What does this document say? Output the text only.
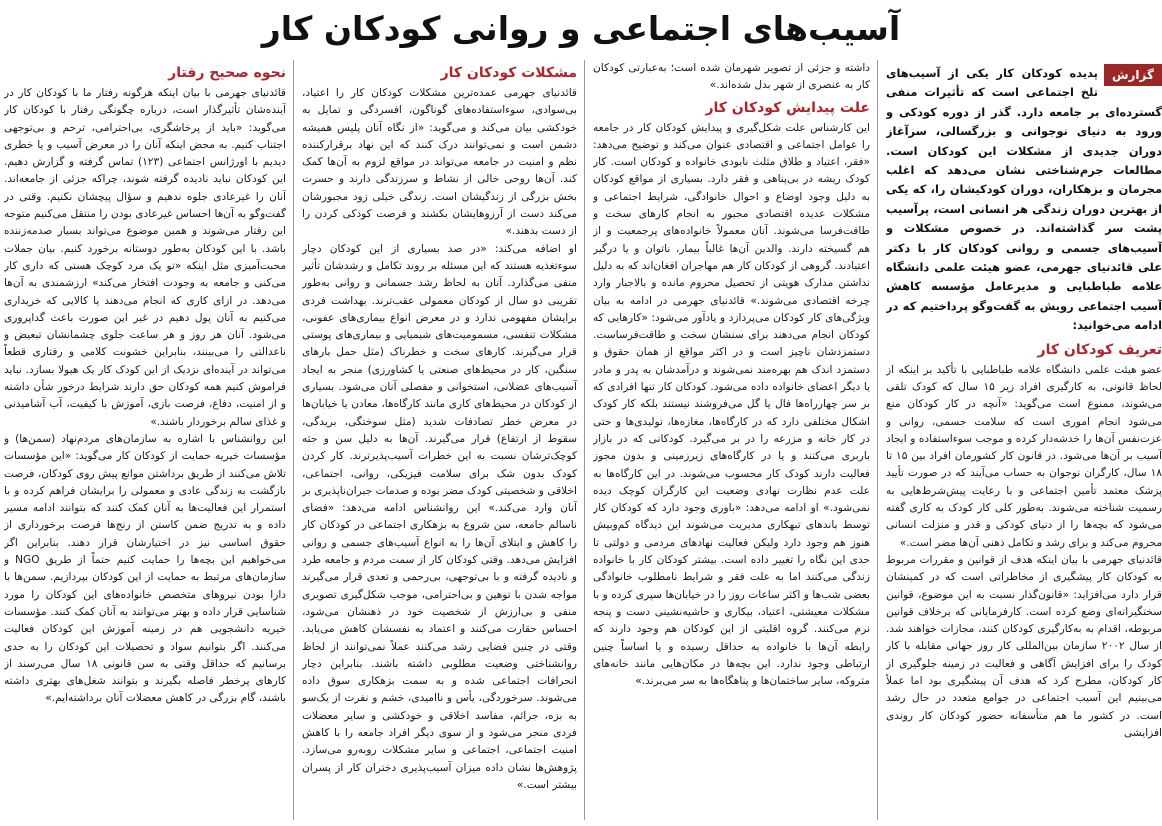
آسیب‌های اجتماعی و روانی کودکان کار
گزارش
پدیده کودکان کار یکی از آسیب‌های تلخ اجتماعی است که تأثیرات منفی گسترده‌ای بر جامعه دارد. گذر از دوره کودکی و ورود به دنیای نوجوانی و بزرگسالی، سرآغاز دوران جدیدی از مشکلات این کودکان است. مطالعات جرم‌شناختی نشان می‌دهد که اغلب مجرمان و بزهکاران، دوران کودکیشان را، که یکی از بهترین دوران زندگی هر انسانی است، پرآسیب پشت سر گذاشته‌اند. در خصوص مشکلات و آسیب‌های جسمی و روانی کودکان کار با دکتر علی قائدنیای جهرمی، عضو هیئت علمی دانشگاه علامه طباطبایی و مدیرعامل مؤسسه کاهش آسیب اجتماعی رویش به گفت‌وگو پرداختیم که در ادامه می‌خوانید:
تعریف کودکان کار

عضو هیئت علمی دانشگاه علامه طباطبایی با تأکید بر اینکه از لحاظ قانونی، به کارگیری افراد زیر ۱۵ سال که کودک تلقی می‌شوند، ممنوع است می‌گوید: «آنچه در کار کودکان منع می‌شود انجام اموری است که سلامت جسمی، روانی و عزت‌نفس آن‌ها را خدشه‌دار کرده و موجب سوءاستفاده و ایجاد آسیب بر آن‌ها می‌شود. در قانون کار کشورمان افراد بین ۱۵ تا ۱۸ سال، کارگران نوجوان به حساب می‌آیند که در صورت تأیید پزشک معتمد تأمین اجتماعی و با رعایت پیش‌شرط‌هایی به رسمیت شناخته می‌شوند. به‌طور کلی کار کودک به کاری گفته می‌شود که بچه‌ها را از دنیای کودکی و قدر و منزلت انسانی محروم می‌کند و برای رشد و تکامل ذهنی آن‌ها مضر است.»

قائدنیای جهرمی با بیان اینکه هدف از قوانین و مقررات مربوط به کودکان کار پیشگیری از مخاطراتی است که در کمینشان قرار دارد می‌افزاید: «قانون‌گذار نسبت به این موضوع، قوانین سختگیرانه‌ای وضع کرده است. کارفرمایانی که برخلاف قوانین مربوطه، اقدام به به‌کارگیری کودکان کنند، مجازات خواهند شد. از سال ۲۰۰۲ سازمان بین‌المللی کار روز جهانی مقابله با کار کودک را برای افزایش آگاهی و فعالیت در زمینه جلوگیری از کار کودکان، مطرح کرد که هدف آن پیشگیری بود اما عملاً می‌بینیم این آسیب اجتماعی در جوامع متعدد در حال رشد است. در کشور ما هم متأسفانه حضور کودکان کار روندی افزایشی

داشته و جزئی از تصویر شهرمان شده است؛ به‌عبارتی کودکان کار به عنصری از شهر بدل شده‌اند.»

علت پیدایش کودکان کار

این کارشناس علت شکل‌گیری و پیدایش کودکان کار در جامعه را عوامل اجتماعی و اقتصادی عنوان می‌کند و توضیح می‌دهد: «فقر، اعتیاد و طلاق مثلث نابودی خانواده و کودکان است. کار کودک ریشه در بی‌پناهی و فقر دارد. بسیاری از مواقع کودکان به دلیل وجود اوضاع و احوال خانوادگی، شرایط اجتماعی و مشکلات عدیده اقتصادی مجبور به انجام کارهای سخت و طاقت‌فرسا می‌شوند. آنان معمولاً خانواده‌های پرجمعیت و از هم گسیخته دارند. والدین آن‌ها غالباً بیمار، ناتوان و یا درگیر اعتیادند. گروهی از کودکان کار هم مهاجران افغان‌اند که به دلیل نداشتن مدارک هویتی از تحصیل محروم مانده و بالاجبار وارد چرخه اقتصادی می‌شوند.» قائدنیای جهرمی در ادامه به بیان ویژگی‌های کار کودکان می‌پردازد و یادآور می‌شود: «کارهایی که کودکان انجام می‌دهند برای سنشان سخت و طاقت‌فرساست. دستمزدشان ناچیز است و در اکثر مواقع از همان حقوق و دستمزد اندک هم بهره‌مند نمی‌شوند و درآمدشان به پدر و مادر یا دیگر اعضای خانواده داده می‌شود. کودکان کار تنها افرادی که بر سر چهارراه‌ها فال یا گل می‌فروشند نیستند بلکه کار کودک اشکال مختلفی دارد که در کارگاه‌ها، مغازه‌ها، تولیدی‌ها و حتی در کار خانه و مزرعه را در بر می‌گیرد. کودکانی که در بازار باربری می‌کنند و یا در کارگاه‌های زیرزمینی و بدون مجوز فعالیت دارند کودک کار محسوب می‌شوند. در این کارگاه‌ها به علت عدم نظارت نهادی وضعیت این کارگران کوچک دیده نمی‌شود.» او ادامه می‌دهد: «باوری وجود دارد که کودکان کار توسط باندهای تبهکاری مدیریت می‌شوند این دیدگاه کم‌وبیش هنوز هم وجود دارد ولیکن فعالیت نهادهای مردمی و دولتی تا حدی این نگاه را تغییر داده است. بیشتر کودکان کار با خانواده زندگی می‌کنند اما به علت فقر و شرایط نامطلوب خانوادگی بعضی شب‌ها و اکثر ساعات روز را در خیابان‌ها سپری کرده و با مشکلات معیشتی، اعتیاد، بیکاری و حاشیه‌نشینی دست و پنجه نرم می‌کنند. گروه اقلیتی از این کودکان هم وجود دارند که رابطه آن‌ها با خانواده به حداقل رسیده و یا اساساً چنین ارتباطی وجود ندارد. این بچه‌ها در مکان‌هایی مانند خانه‌های متروکه، سایر ساختمان‌ها و پناهگاه‌ها به سر می‌برند.»

مشکلات کودکان کار

قائدنیای جهرمی عمده‌ترین مشکلات کودکان کار را اعتیاد، بی‌سوادی، سوءاستفاده‌های گوناگون، افسردگی و تمایل به خودکشی بیان می‌کند و می‌گوید: «از نگاه آنان پلیس همیشه دشمن است و نمی‌توانند درک کنند که این نهاد برقرارکننده نظم و امنیت در جامعه می‌تواند در مواقع لزوم به آن‌ها کمک کند. آن‌ها روحی خالی از نشاط و سرزندگی دارند و حسرت بخش بزرگی از زندگیشان است. زندگی خیلی زود مجبورشان می‌کند دست از آرزوهایشان بکشند و فرصت کودکی کردن را از دست بدهند.»

او اضافه می‌کند: «در صد بسیاری از این کودکان دچار سوءتغذیه هستند که این مسئله بر روند تکامل و رشدشان تأثیر منفی می‌گذارد. آنان به لحاظ رشد جسمانی و روانی به‌طور تقریبی دو سال از کودکان معمولی عقب‌ترند. بهداشت فردی برایشان مفهومی ندارد و در معرض انواع بیماری‌های عفونی، مشکلات تنفسی، مسمومیت‌های شیمیایی و بیماری‌های پوستی قرار می‌گیرند. کارهای سخت و خطرناک (مثل حمل بارهای سنگین، کار در محیط‌های صنعتی یا کشاورزی) منجر به ایجاد آسیب‌های عضلانی، استخوانی و مفصلی آنان می‌شود. بسیاری از کودکان در محیط‌های کاری مانند کارگاه‌ها، معادن یا خیابان‌ها در معرض خطر تصادفات شدید (مثل سوختگی، بریدگی، سقوط از ارتفاع) قرار می‌گیرند. آن‌ها به دلیل سن و جثه کوچک‌ترشان نسبت به این خطرات آسیب‌پذیرترند. کار کردن کودک بدون شک برای سلامت فیزیکی، روانی، اجتماعی، اخلاقی و شخصیتی کودک مضر بوده و صدمات جبران‌ناپذیری بر آنان وارد می‌کند.» این روانشناس ادامه می‌دهد: «فضای ناسالم جامعه، سن شروع به بزهکاری اجتماعی در کودکان کار را کاهش و ابتلای آن‌ها را به انواع آسیب‌های جسمی و روانی افزایش می‌دهد. وقتی کودکان کار از سمت مردم و جامعه طرد و نادیده گرفته و با بی‌توجهی، بی‌رحمی و تعدی قرار می‌گیرند مواجه شدن با توهین و بی‌احترامی، موجب شکل‌گیری تصویری منفی و بی‌ارزش از شخصیت خود در ذهنشان می‌شود، احساس حقارت می‌کنند و اعتماد به نفسشان کاهش می‌یابد. وقتی در چنین فضایی رشد می‌کنند عملاً نمی‌توانند از لحاظ روانشناختی وضعیت مطلوبی داشته باشند. بنابراین دچار انحرافات اجتماعی شده و به سمت بزهکاری سوق داده می‌شوند. سرخوردگی، یأس و ناامیدی، خشم و نفرت از یک‌سو به بزه، جرائم، مفاسد اخلاقی و خودکشی و سایر معضلات فردی منجر می‌شود و از سوی دیگر افراد جامعه را با کاهش امنیت اجتماعی، اجتماعی و سایر مشکلات روبه‌رو می‌سازد. پژوهش‌ها نشان داده میزان آسیب‌پذیری دختران کار از پسران بیشتر است.»

نحوه صحیح رفتار

قائدنیای جهرمی با بیان اینکه هرگونه رفتار ما با کودکان کار در آینده‌شان تأثیرگذار است، درباره چگونگی رفتار با کودکان کار می‌گوید: «باید از پرخاشگری، بی‌احترامی، ترحم و بی‌توجهی اجتناب کنیم. به محض اینکه آنان را در معرض آسیب و یا خطری دیدیم با اورژانس اجتماعی (۱۲۳) تماس گرفته و گزارش دهیم. این کودکان نباید نادیده گرفته شوند، چراکه جزئی از جامعه‌اند. آنان را غیرعادی جلوه ندهیم و سؤال پیچشان نکنیم. وقتی در گفت‌وگو به آن‌ها احساس غیرعادی بودن را منتقل می‌کنیم متوجه این رفتار می‌شوند و همین موضوع می‌تواند بسیار صدمه‌زننده باشد. با این کودکان به‌طور دوستانه برخورد کنیم. بیان جملات محبت‌آمیزی مثل اینکه «تو یک مرد کوچک هستی که داری کار می‌کنی و جامعه به وجودت افتخار می‌کند» ارزشمندی به آن‌ها می‌دهد. در ازای کاری که انجام می‌دهند یا کالایی که خریداری می‌کنیم به آنان پول دهیم در غیر این صورت باعث گداپروری می‌شود. آنان هر روز و هر ساعت جلوی چشمانشان تبعیض و ناعدالتی را می‌بینند، بنابراین خشونت کلامی و رفتاری قطعاً می‌تواند در آینده‌ای نزدیک از این کودک کار یک هیولا بسازد. نباید فراموش کنیم همه کودکان حق دارند شرایط درخور شأن داشته و از امنیت، دفاع، فرصت بازی، آموزش با کیفیت، آب آشامیدنی و غذای سالم برخوردار باشند.»

این روانشناس با اشاره به سازمان‌های مردم‌نهاد (سمن‌ها) و مؤسسات خیریه حمایت از کودکان کار می‌گوید: «این مؤسسات تلاش می‌کنند از طریق برداشتن موانع پیش روی کودکان، فرصت بازگشت به زندگی عادی و معمولی را برایشان فراهم کرده و با استمرار این فعالیت‌ها به آنان کمک کنند که بتوانند ادامه مسیر داده و به تدریج ضمن کاستن از رنج‌ها فرصت برخورداری از حقوق اساسی نیز در اختیارشان قرار دهند. بنابراین اگر می‌خواهیم این بچه‌ها را حمایت کنیم حتماً از طریق NGO و سازمان‌های مرتبط به حمایت از این کودکان بپردازیم. سمن‌ها با دارا بودن نیروهای متخصص خانواده‌های این کودکان را مورد شناسایی قرار داده و بهتر می‌توانند به آنان کمک کنند. مؤسسات خیریه دانشجویی هم در زمینه آموزش این کودکان فعالیت می‌کنند. اگر بتوانیم سواد و تحصیلات این کودکان را به حدی برسانیم که حداقل وقتی به سن قانونی ۱۸ سال می‌رسند از کارهای پرخطر فاصله بگیرند و بتوانند شغل‌های بهتری داشته باشند، گام بزرگی در کاهش معضلات آنان برداشته‌ایم.»
